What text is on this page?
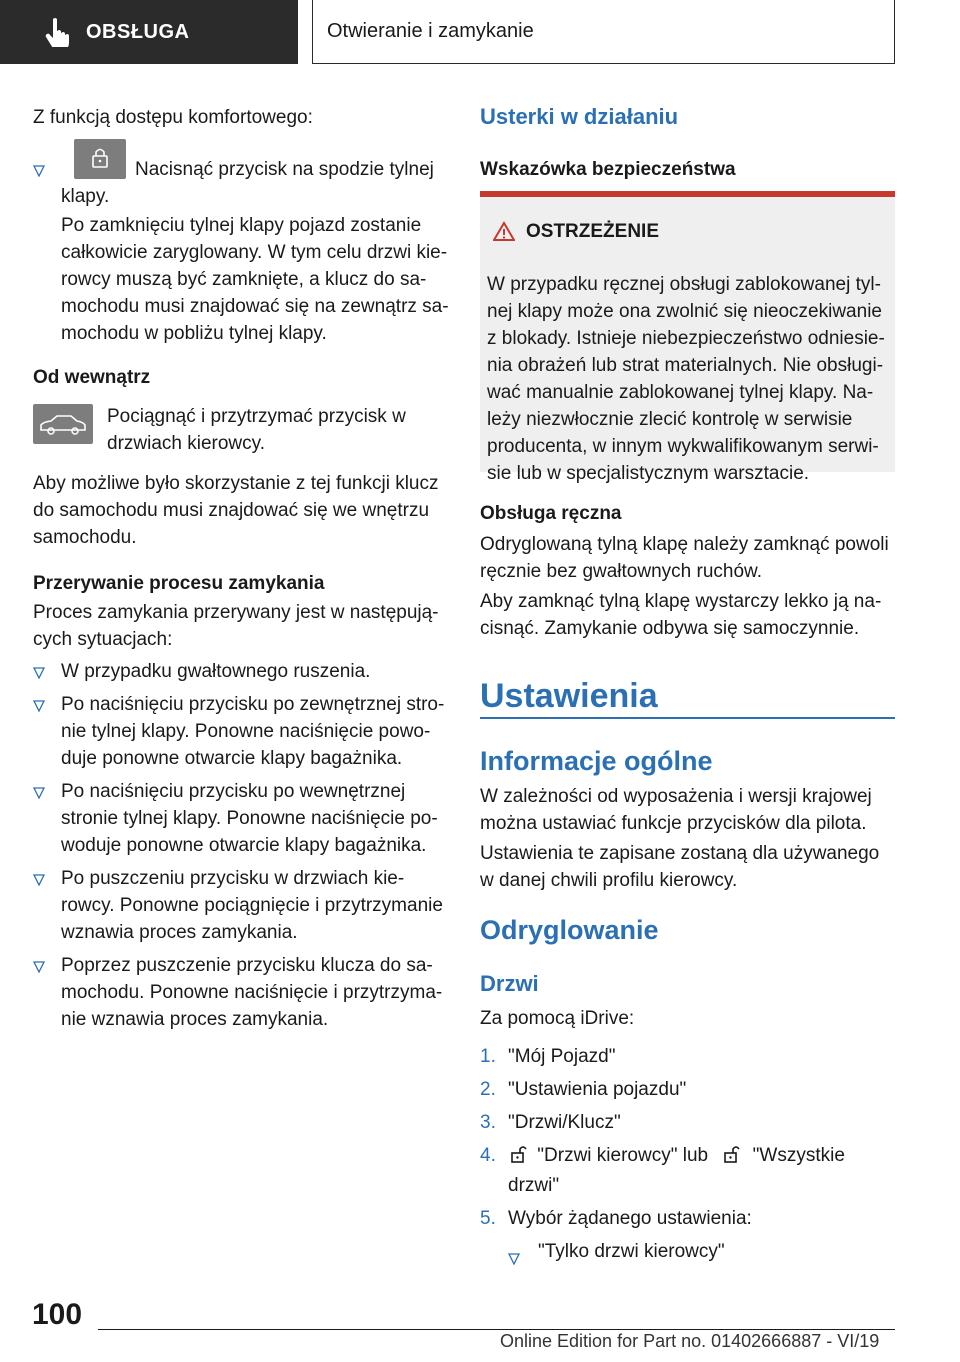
OBSŁUGA	Otwieranie i zamykanie

Z funkcją dostępu komfortowego:

Nacisnąć przycisk na spodzie tylnej

klapy.

Po zamknięciu tylnej klapy pojazd zostanie całkowicie zaryglowany. W tym celu drzwi kie-rowcy muszą być zamknięte, a klucz do sa-mochodu musi znajdować się na zewnątrz sa-mochodu w pobliżu tylnej klapy.

Od wewnątrz

Pociągnąć i przytrzymać przycisk w drzwiach kierowcy.

Aby możliwe było skorzystanie z tej funkcji klucz do samochodu musi znajdować się we wnętrzu samochodu.

Przerywanie procesu zamykania

Proces zamykania przerywany jest w następują-cych sytuacjach:

W przypadku gwałtownego ruszenia.

Po naciśnięciu przycisku po zewnętrznej stro-nie tylnej klapy. Ponowne naciśnięcie powo-duje ponowne otwarcie klapy bagażnika.

Po naciśnięciu przycisku po wewnętrznej stronie tylnej klapy. Ponowne naciśnięcie po-woduje ponowne otwarcie klapy bagażnika.

Po puszczeniu przycisku w drzwiach kie-rowcy. Ponowne pociągnięcie i przytrzymanie wznawia proces zamykania.

Poprzez puszczenie przycisku klucza do sa-mochodu. Ponowne naciśnięcie i przytrzyma-nie wznawia proces zamykania.

Usterki w działaniu

Wskazówka bezpieczeństwa

OSTRZEŻENIE

W przypadku ręcznej obsługi zablokowanej tyl-nej klapy może ona zwolnić się nieoczekiwanie z blokady. Istnieje niebezpieczeństwo odniesie-nia obrażeń lub strat materialnych. Nie obsługi-wać manualnie zablokowanej tylnej klapy. Na-leży niezwłocznie zlecić kontrolę w serwisie producenta, w innym wykwalifikowanym serwi-sie lub w specjalistycznym warsztacie.

Obsługa ręczna

Odryglowaną tylną klapę należy zamknąć powoli ręcznie bez gwałtownych ruchów.

Aby zamknąć tylną klapę wystarczy lekko ją na-cisnąć. Zamykanie odbywa się samoczynnie.

Ustawienia
Informacje ogólne

W zależności od wyposażenia i wersji krajowej można ustawiać funkcje przycisków dla pilota.

Ustawienia te zapisane zostaną dla używanego w danej chwili profilu kierowcy.

Odryglowanie
Drzwi

Za pomocą iDrive:

1. "Mój Pojazd"

2. "Ustawienia pojazdu"

3. "Drzwi/Klucz"

4. "Drzwi kierowcy" lub "Wszystkie
drzwi"

5. Wybór żądanego ustawienia:

"Tylko drzwi kierowcy"

100
Online Edition for Part no. 01402666887 - VI/19
